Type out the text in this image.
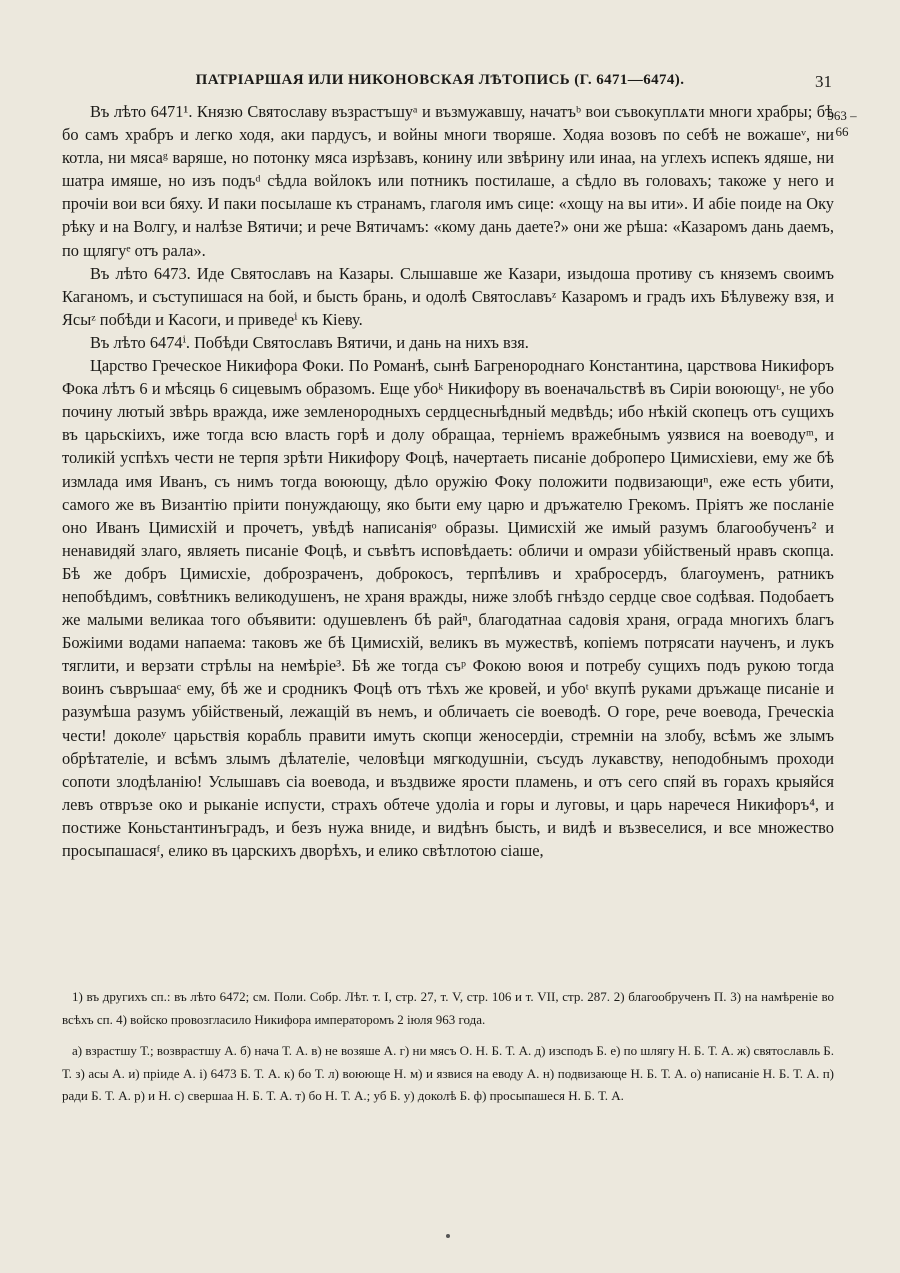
ПАТРІАРШАЯ ИЛИ НИКОНОВСКАЯ ЛѢТОПИСЬ (Г. 6471—6474).	31
963 – 66

Въ лѣто 6471¹. Князю Святославу възрастъшуᵃ и възмужавшу, начатъᵇ вои съвокуплѧти многи храбры; бѣ бо самъ храбръ и легко ходя, аки пардусъ, и войны многи творяше. Ходяа возовъ по себѣ не вожашеᵛ, ни котла, ни мясаᵍ варяше, но потонку мяса изрѣзавъ, конину или звѣрину или инаа, на углехъ испекъ ядяше, ни шатра имяше, но изъ подъᵈ сѣдла войлокъ или потникъ постилаше, а сѣдло въ головахъ; такоже у него и прочіи вои вси бяху. И паки посылаше къ странамъ, глаголя имъ сице: «хощу на вы ити». И абіе поиде на Оку рѣку и на Волгу, и налѣзе Вятичи; и рече Вятичамъ: «кому дань даете?» они же рѣша: «Казаромъ дань даемъ, по щлягуᵉ отъ рала».

Въ лѣто 6473. Иде Святославъ на Казары. Слышавше же Казари, изыдоша противу съ княземъ своимъ Каганомъ, и съступишася на бой, и бысть брань, и одолѣ Святославъᶻ Казаромъ и градъ ихъ Бѣлувежу взя, и Ясыᶻ побѣди и Касоги, и приведеⁱ къ Кіеву.

Въ лѣто 6474ⁱ. Побѣди Святославъ Вятичи, и дань на нихъ взя.

Царство Греческое Никифора Фоки. По Романѣ, сынѣ Багренороднаго Константина, царствова Никифоръ Фока лѣтъ 6 и мѣсяць 6 сицевымъ образомъ. Еще убоᵏ Никифору въ военачальствѣ въ Сиріи воюющуᶫ, не убо почину лютый звѣрь вражда, иже земленородныхъ сердцесныѣдный медвѣдь; ибо нѣкій скопецъ отъ сущихъ въ царьскіихъ, иже тогда всю власть горѣ и долу обращаа, терніемъ вражебнымъ уязвися на воеводуᵐ, и толикій успѣхъ чести не терпя зрѣти Никифору Фоцѣ, начертаеть писаніе доброперо Цимисхіеви, ему же бѣ измлада имя Иванъ, съ нимъ тогда воюющу, дѣло оружію Фоку положити подвизающиⁿ, еже есть убити, самого же въ Византію пріити понуждающу, яко быти ему царю и дръжателю Грекомъ. Пріятъ же посланіе оно Иванъ Цимисхій и прочетъ, увѣдѣ написаніяᵒ образы. Цимисхій же имый разумъ благообученъ² и ненавидяй злаго, являеть писаніе Фоцѣ, и съвѣтъ исповѣдаеть: обличи и омрази убійственый нравъ скопца. Бѣ же добръ Цимисхіе, доброзраченъ, доброкосъ, терпѣливъ и храбросердъ, благоуменъ, ратникъ непобѣдимъ, совѣтникъ великодушенъ, не храня вражды, ниже злобѣ гнѣздо сердце свое содѣвая. Подобаетъ же малыми великаа того объявити: одушевленъ бѣ райⁿ, благодатнаа садовія храня, ограда многихъ благъ Божіими водами напаема: таковъ же бѣ Цимисхій, великъ въ мужествѣ, копіемъ потрясати наученъ, и лукъ тяглити, и верзати стрѣлы на немѣріе³. Бѣ же тогда съᵖ Фокою воюя и потребу сущихъ подъ рукою тогда воинъ съвръшааᶜ ему, бѣ же и сродникъ Фоцѣ отъ тѣхъ же кровей, и убоᵗ вкупѣ руками дръжаще писаніе и разумѣша разумъ убійственый, лежащій въ немъ, и обличаеть сіе воеводѣ. О горе, рече воевода, Греческіа чести! доколеʸ царьствія корабль правити имуть скопци женосердіи, стремніи на злобу, всѣмъ же злымъ обрѣтателіе, и всѣмъ злымъ дѣлателіе, человѣци мягкодушніи, съсудъ лукавству, неподобнымъ проходи сопоти злодѣланію! Услышавъ сіа воевода, и въздвиже ярости пламень, и отъ сего спяй въ горахъ крыяйся левъ отвръзе око и рыканіе испусти, страхъ обтече удоліа и горы и луговы, и царь наречеся Никифоръ⁴, и постиже Коньстантинъградъ, и безъ нужа вниде, и видѣнъ бысть, и видѣ и възвеселися, и все множество просыпашасяᶠ, елико въ царскихъ дворѣхъ, и елико свѣтлотою сіаше,

1) въ другихъ сп.: въ лѣто 6472; см. Поли. Собр. Лѣт. т. I, стр. 27, т. V, стр. 106 и т. VII, стр. 287. 2) благообрученъ П. 3) на намѣреніе во всѣхъ сп. 4) войско провозгласило Никифора императоромъ 2 іюля 963 года.

а) взрастшу Т.; возврастшу А. б) нача Т. А. в) не возяше А. г) ни мясъ О. Н. Б. Т. А. д) изсподъ Б. е) по шлягу Н. Б. Т. А. ж) святославль Б. Т. з) асы А. и) пріиде А. і) 6473 Б. Т. А. к) бо Т. л) воююще Н. м) и язвися на еводу А. н) подвизающе Н. Б. Т. А. о) написаніе Н. Б. Т. А. п) ради Б. Т. А. р) и Н. с) свершаа Н. Б. Т. А. т) бо Н. Т. А.; уб Б. у) доколѣ Б. ф) просыпашеся Н. Б. Т. А.
